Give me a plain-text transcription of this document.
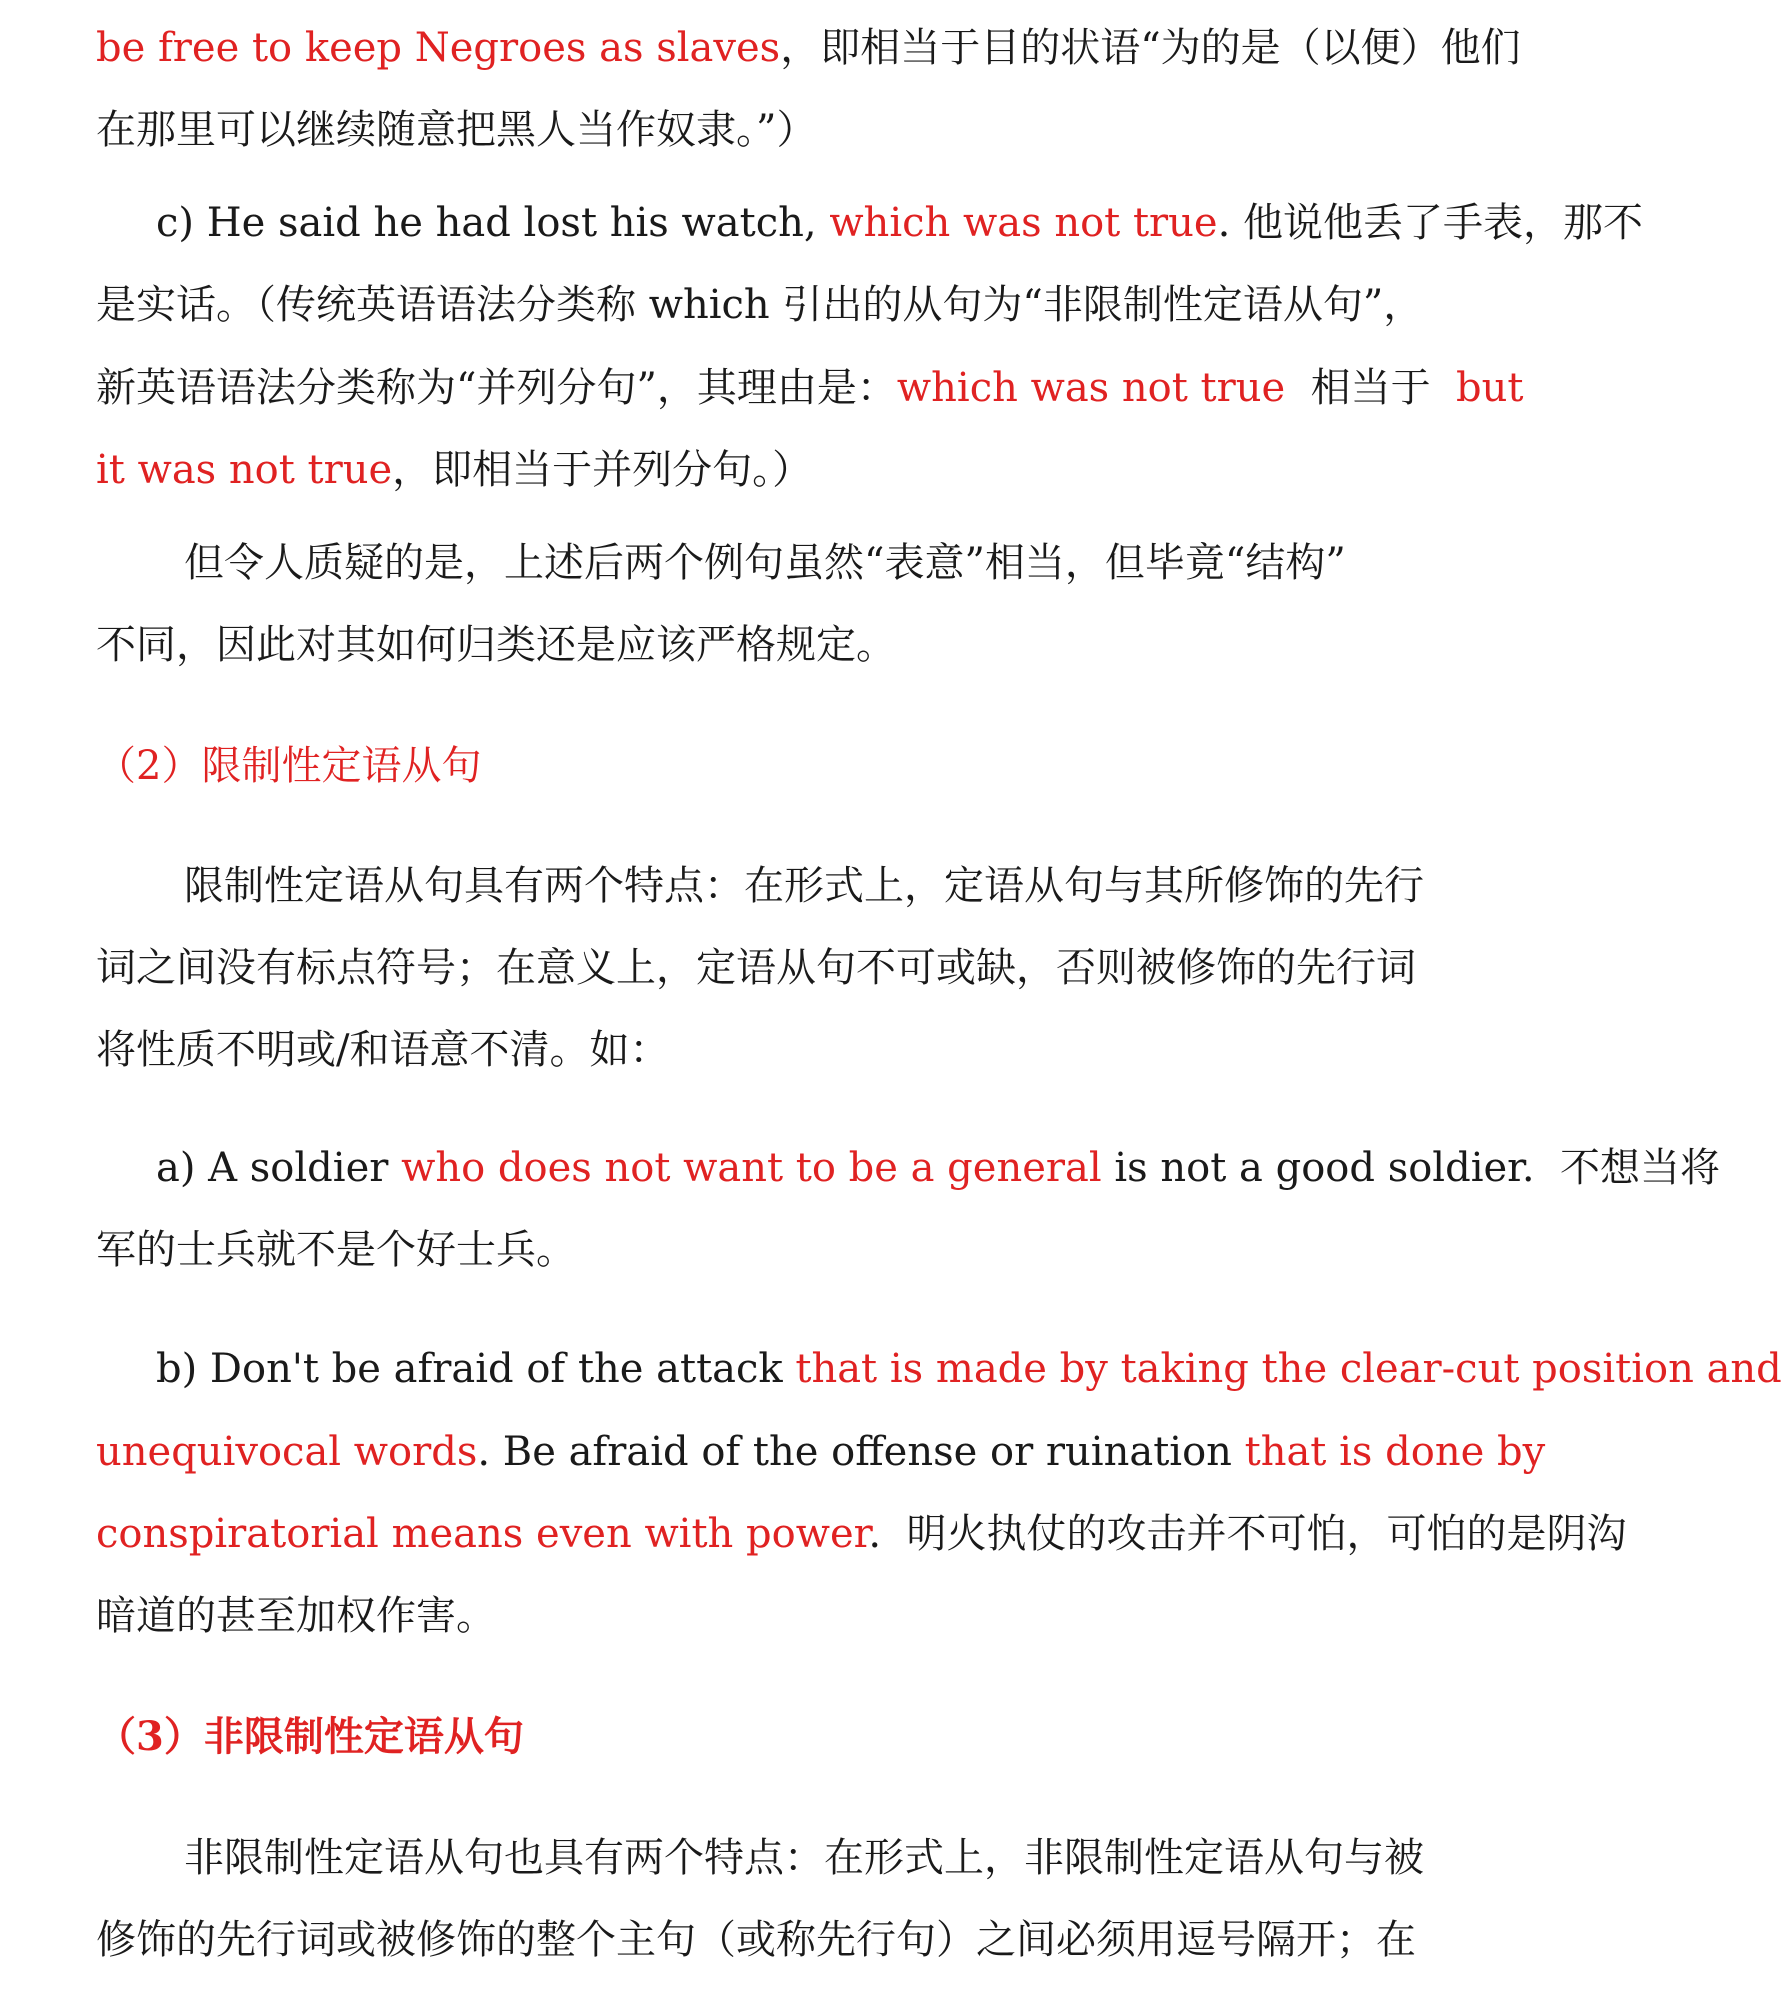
be free to keep Negroes as slaves，即相当于目的状语“为的是（以便）他们
在那里可以继续随意把黑人当作奴隶。”）
c) He said he had lost his watch, which was not true. 他说他丢了手表，那不
是实话。（传统英语语法分类称 which 引出的从句为“非限制性定语从句”，
新英语语法分类称为“并列分句”，其理由是：which was not true  相当于  but
it was not true，即相当于并列分句。）
但令人质疑的是，上述后两个例句虽然“表意”相当，但毕竟“结构”
不同，因此对其如何归类还是应该严格规定。
（2）限制性定语从句
限制性定语从句具有两个特点：在形式上，定语从句与其所修饰的先行
词之间没有标点符号；在意义上，定语从句不可或缺，否则被修饰的先行词
将性质不明或/和语意不清。如：
a) A soldier who does not want to be a general is not a good soldier.  不想当将
军的士兵就不是个好士兵。
b) Don't be afraid of the attack that is made by taking the clear-cut position and
unequivocal words. Be afraid of the offense or ruination that is done by
conspiratorial means even with power.  明火执仗的攻击并不可怕，可怕的是阴沟
暗道的甚至加权作害。
（3）非限制性定语从句
非限制性定语从句也具有两个特点：在形式上，非限制性定语从句与被
修饰的先行词或被修饰的整个主句（或称先行句）之间必须用逗号隔开；在
